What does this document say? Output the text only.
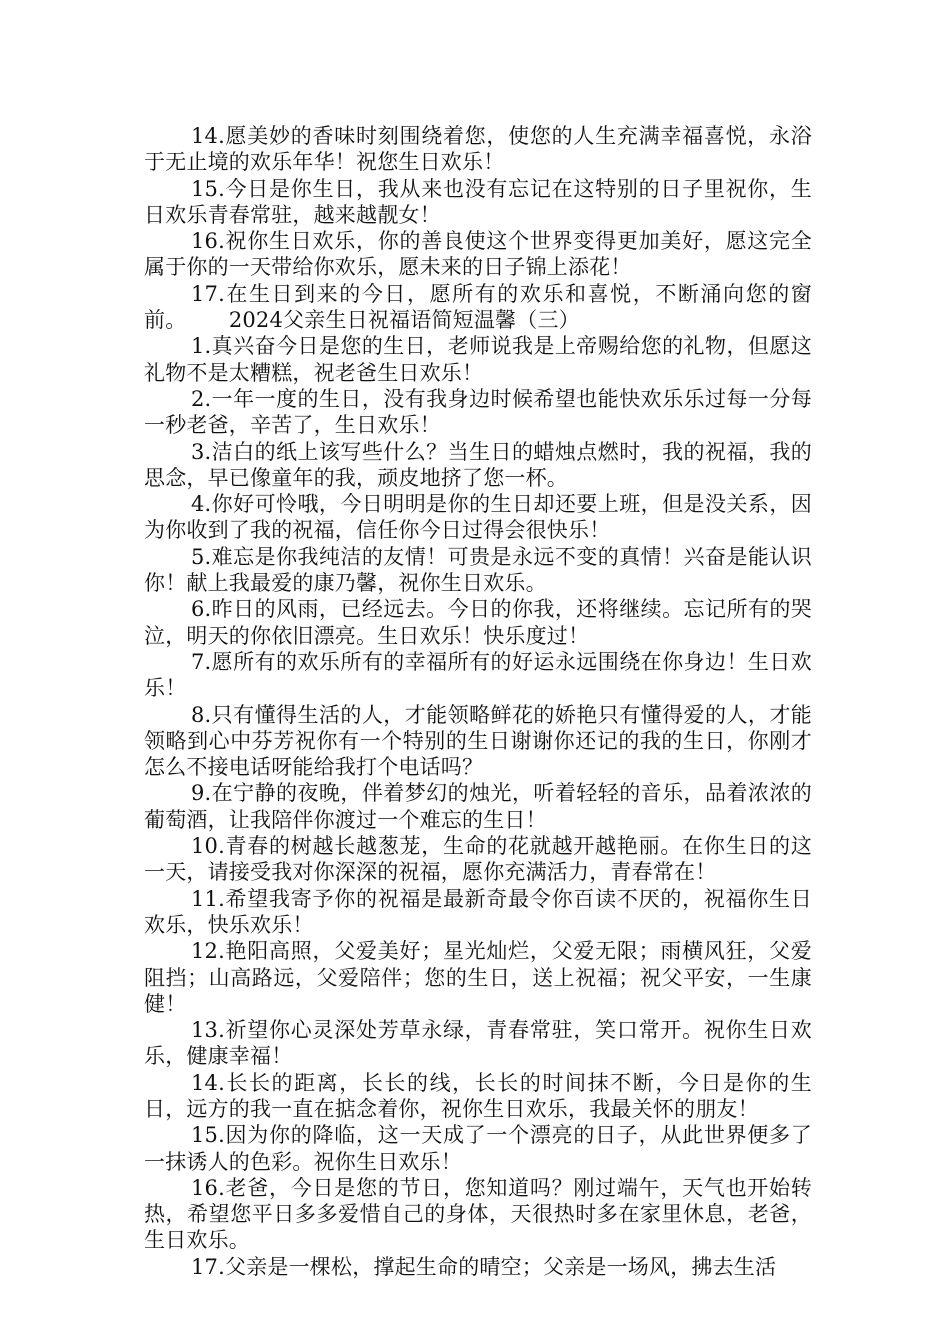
14.愿美妙的香味时刻围绕着您，使您的人生充满幸福喜悦，永浴于无止境的欢乐年华！祝您生日欢乐！

15.今日是你生日，我从来也没有忘记在这特别的日子里祝你，生日欢乐青春常驻，越来越靓女！

16.祝你生日欢乐，你的善良使这个世界变得更加美好，愿这完全属于你的一天带给你欢乐，愿未来的日子锦上添花！

17.在生日到来的今日，愿所有的欢乐和喜悦，不断涌向您的窗前。   2024父亲生日祝福语简短温馨（三）

1.真兴奋今日是您的生日，老师说我是上帝赐给您的礼物，但愿这礼物不是太糟糕，祝老爸生日欢乐！

2.一年一度的生日，没有我身边时候希望也能快欢乐乐过每一分每一秒老爸，辛苦了，生日欢乐！

3.洁白的纸上该写些什么？当生日的蜡烛点燃时，我的祝福，我的思念，早已像童年的我，顽皮地挤了您一杯。

4.你好可怜哦，今日明明是你的生日却还要上班，但是没关系，因为你收到了我的祝福，信任你今日过得会很快乐！

5.难忘是你我纯洁的友情！可贵是永远不变的真情！兴奋是能认识你！献上我最爱的康乃馨，祝你生日欢乐。

6.昨日的风雨，已经远去。今日的你我，还将继续。忘记所有的哭泣，明天的你依旧漂亮。生日欢乐！快乐度过！

7.愿所有的欢乐所有的幸福所有的好运永远围绕在你身边！生日欢乐！

8.只有懂得生活的人，才能领略鲜花的娇艳只有懂得爱的人，才能领略到心中芬芳祝你有一个特别的生日谢谢你还记的我的生日，你刚才怎么不接电话呀能给我打个电话吗？

9.在宁静的夜晚，伴着梦幻的烛光，听着轻轻的音乐，品着浓浓的葡萄酒，让我陪伴你渡过一个难忘的生日！

10.青春的树越长越葱茏，生命的花就越开越艳丽。在你生日的这一天，请接受我对你深深的祝福，愿你充满活力，青春常在！

11.希望我寄予你的祝福是最新奇最令你百读不厌的，祝福你生日欢乐，快乐欢乐！

12.艳阳高照，父爱美好；星光灿烂，父爱无限；雨横风狂，父爱阻挡；山高路远，父爱陪伴；您的生日，送上祝福；祝父平安，一生康健！

13.祈望你心灵深处芳草永绿，青春常驻，笑口常开。祝你生日欢乐，健康幸福！

14.长长的距离，长长的线，长长的时间抹不断，今日是你的生日，远方的我一直在掂念着你，祝你生日欢乐，我最关怀的朋友！

15.因为你的降临，这一天成了一个漂亮的日子，从此世界便多了一抹诱人的色彩。祝你生日欢乐！

16.老爸，今日是您的节日，您知道吗？刚过端午，天气也开始转热，希望您平日多多爱惜自己的身体，天很热时多在家里休息，老爸，生日欢乐。

17.父亲是一棵松，撑起生命的晴空；父亲是一场风，拂去生活
